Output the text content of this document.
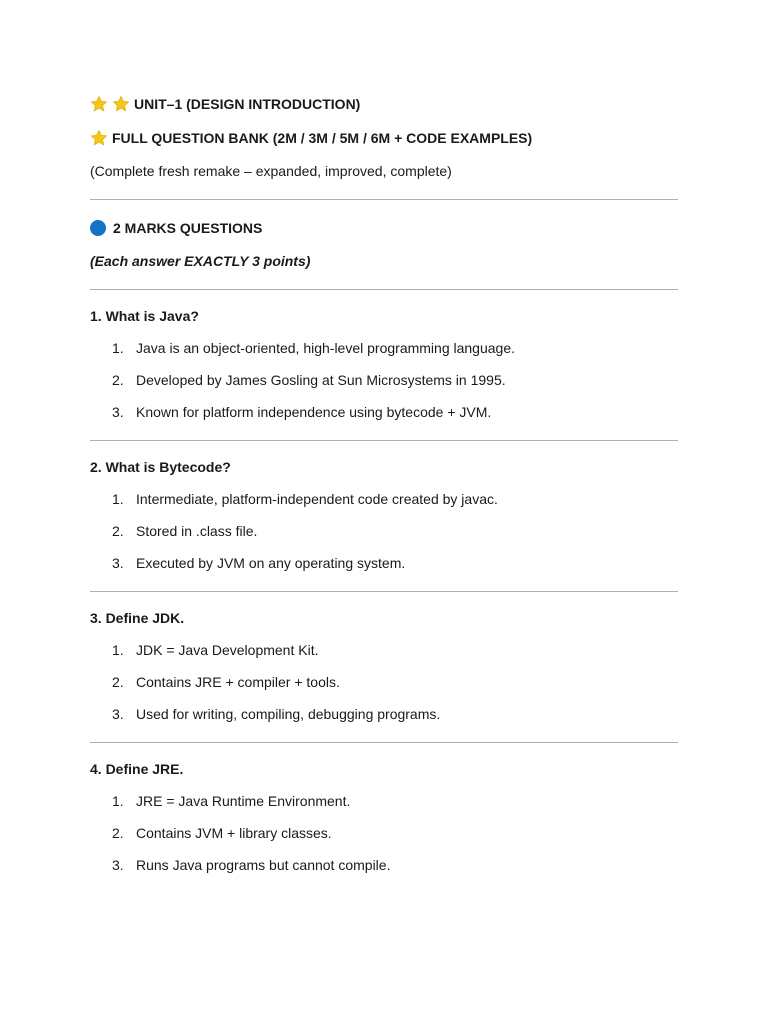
UNIT–1 (DESIGN INTRODUCTION)
FULL QUESTION BANK (2M / 3M / 5M / 6M + CODE EXAMPLES)
(Complete fresh remake – expanded, improved, complete)
2 MARKS QUESTIONS
(Each answer EXACTLY 3 points)
1. What is Java?
1. Java is an object-oriented, high-level programming language.
2. Developed by James Gosling at Sun Microsystems in 1995.
3. Known for platform independence using bytecode + JVM.
2. What is Bytecode?
1. Intermediate, platform-independent code created by javac.
2. Stored in .class file.
3. Executed by JVM on any operating system.
3. Define JDK.
1. JDK = Java Development Kit.
2. Contains JRE + compiler + tools.
3. Used for writing, compiling, debugging programs.
4. Define JRE.
1. JRE = Java Runtime Environment.
2. Contains JVM + library classes.
3. Runs Java programs but cannot compile.
